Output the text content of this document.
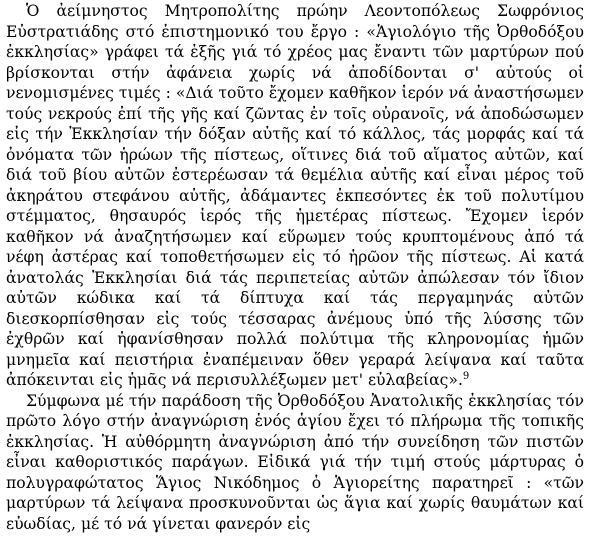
Ὁ ἀείμνηστος Μητροπολίτης πρώην Λεοντοπόλεως Σωφρόνιος Εὐστρατιάδης στό ἐπιστημονικό του ἔργο : «Ἁγιολόγιο τῆς Ὀρθοδόξου ἐκκλησίας» γράφει τά ἑξῆς γιά τό χρέος μας ἔναντι τῶν μαρτύρων πού βρίσκονται στήν ἀφάνεια χωρίς νά ἀποδίδονται σ' αὐτούς οἱ νενομισμένες τιμές : «Διά τοῦτο ἔχομεν καθῆκον ἱερόν νά ἀναστήσωμεν τούς νεκρούς ἐπί τῆς γῆς καί ζῶντας ἐν τοῖς οὐρανοῖς, νά ἀποδώσωμεν εἰς τήν Ἐκκλησίαν τήν δόξαν αὐτῆς καί τό κάλλος, τάς μορφάς καί τά ὀνόματα τῶν ἡρώων τῆς πίστεως, οἵτινες διά τοῦ αἵματος αὐτῶν, καί διά τοῦ βίου αὐτῶν ἐστερέωσαν τά θεμέλια αὐτῆς καί εἶναι μέρος τοῦ ἀκηράτου στεφάνου αὐτῆς, ἀδάμαντες ἐκπεσόντες ἐκ τοῦ πολυτίμου στέμματος, θησαυρός ἱερός τῆς ἡμετέρας πίστεως. Ἔχομεν ἱερόν καθῆκον νά ἀναζητήσωμεν καί εὕρωμεν τούς κρυπτομένους ἀπό τά νέφη ἀστέρας καί τοποθετήσωμεν εἰς τό ἡρῶον τῆς πίστεως. Αἱ κατά ἀνατολάς Ἐκκλησίαι διά τάς περιπετείας αὐτῶν ἀπώλεσαν τόν ἴδιον αὐτῶν κώδικα καί τά δίπτυχα καί τάς περγαμηνάς αὐτῶν διεσκορπίσθησαν εἰς τούς τέσσαρας ἀνέμους ὑπό τῆς λύσσης τῶν ἐχθρῶν καί ἠφανίσθησαν πολλά πολύτιμα τῆς κληρονομίας ἡμῶν μνημεῖα καί πειστήρια ἐναπέμειναν ὅθεν γεραρά λείψανα καί ταῦτα ἀπόκεινται εἰς ἡμᾶς νά περισυλλέξωμεν μετ' εὐλαβείας».$^9$

Σύμφωνα μέ τήν παράδοση τῆς Ὀρθοδόξου Ἀνατολικῆς ἐκκλησίας τόν πρῶτο λόγο στήν ἀναγνώριση ἑνός ἁγίου ἔχει τό πλήρωμα τῆς τοπικῆς ἐκκλησίας. Ἡ αὐθόρμητη ἀναγνώριση ἀπό τήν συνείδηση τῶν πιστῶν εἶναι καθοριστικός παράγων. Εἰδικά γιά τήν τιμή στούς μάρτυρας ὁ πολυγραφώτατος Ἅγιος Νικόδημος ὁ Ἁγιορείτης παρατηρεῖ : «τῶν μαρτύρων τά λείψανα προσκυνοῦνται ὡς ἅγια καί χωρίς θαυμάτων καί εὐωδίας, μέ τό νά γίνεται φανερόν εἰς
